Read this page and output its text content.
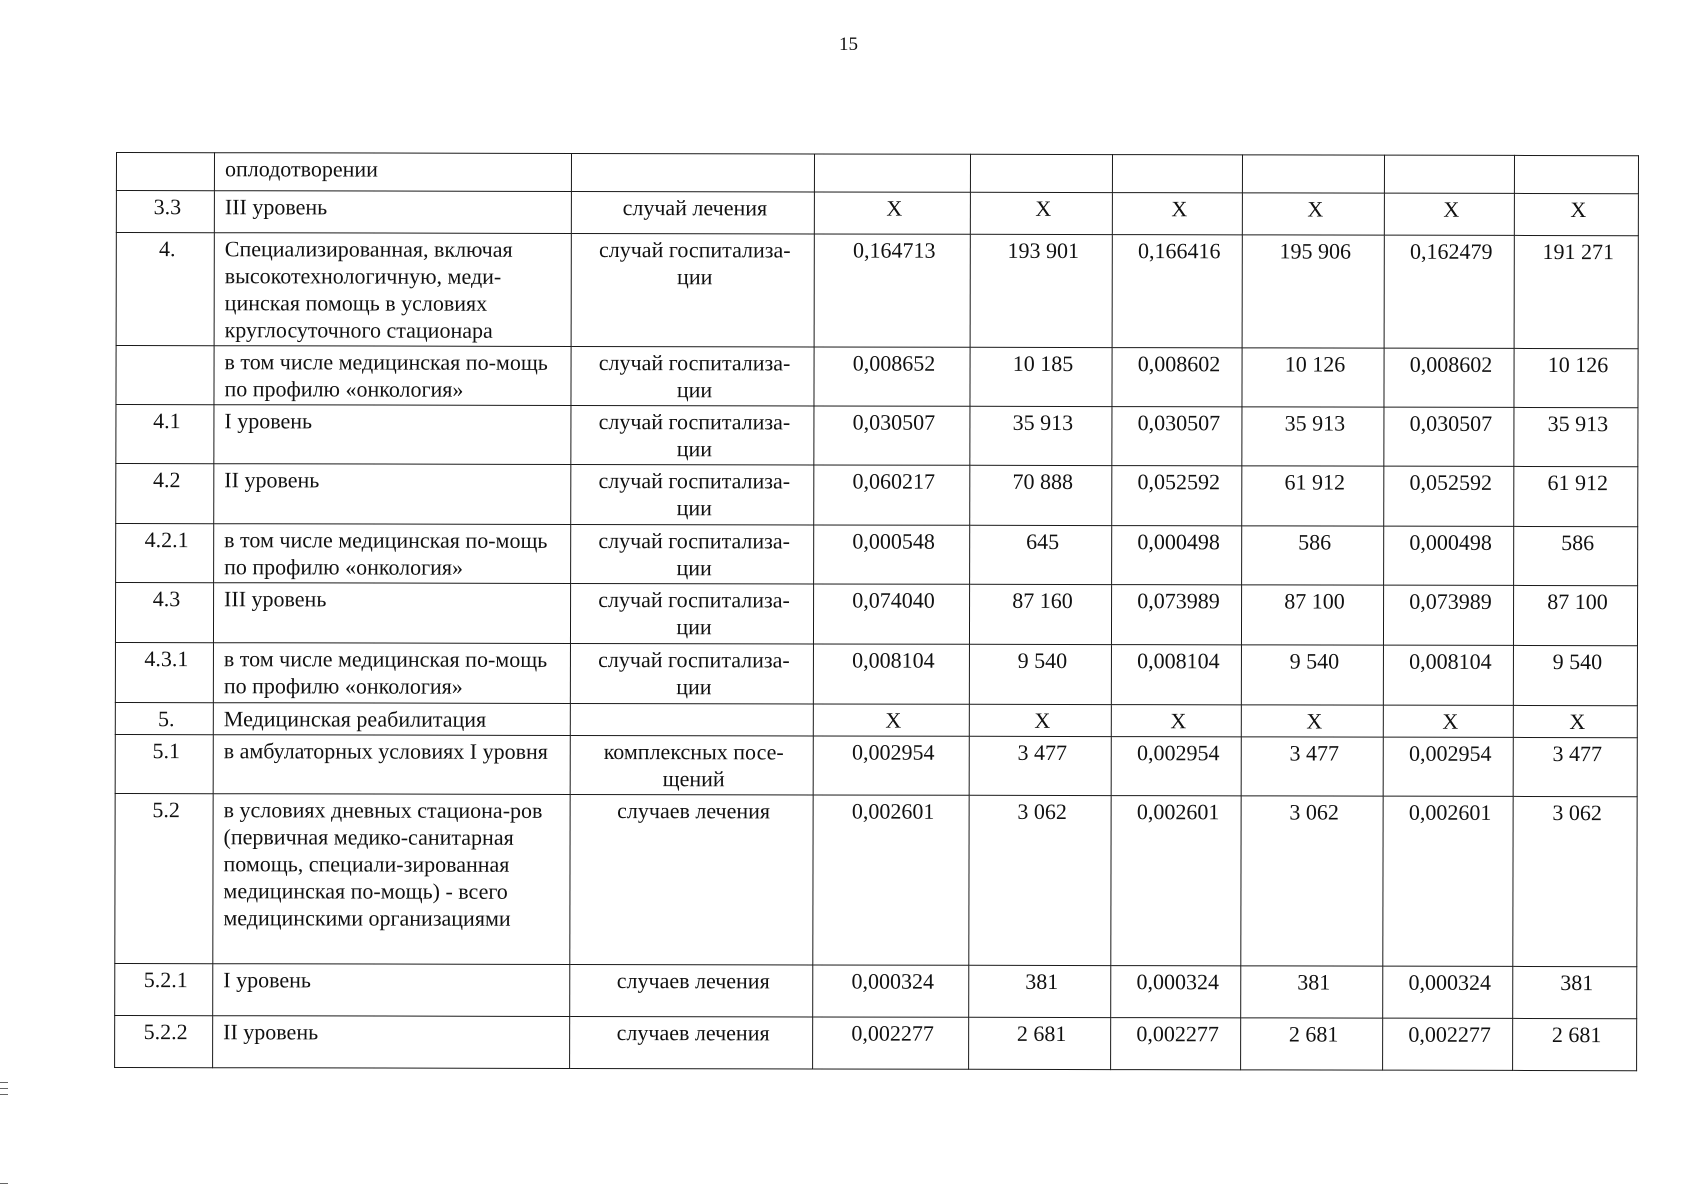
15
	оплодотворении							
3.3	III уровень	случай лечения	X	X	X	X	X	X
4.	Специализированная, включая высокотехнологичную, меди-цинская помощь в условиях круглосуточного стационара	случай госпитализа-ции	0,164713	193 901	0,166416	195 906	0,162479	191 271
	в том числе медицинская по-мощь по профилю «онкология»	случай госпитализа-ции	0,008652	10 185	0,008602	10 126	0,008602	10 126
4.1	I уровень	случай госпитализа-ции	0,030507	35 913	0,030507	35 913	0,030507	35 913
4.2	II уровень	случай госпитализа-ции	0,060217	70 888	0,052592	61 912	0,052592	61 912
4.2.1	в том числе медицинская по-мощь по профилю «онкология»	случай госпитализа-ции	0,000548	645	0,000498	586	0,000498	586
4.3	III уровень	случай госпитализа-ции	0,074040	87 160	0,073989	87 100	0,073989	87 100
4.3.1	в том числе медицинская по-мощь по профилю «онкология»	случай госпитализа-ции	0,008104	9 540	0,008104	9 540	0,008104	9 540
5.	Медицинская реабилитация		X	X	X	X	X	X
5.1	в амбулаторных условиях I уровня	комплексных посе-щений	0,002954	3 477	0,002954	3 477	0,002954	3 477
5.2	в условиях дневных стациона-ров (первичная медико-санитарная помощь, специали-зированная медицинская по-мощь) - всего медицинскими организациями	случаев лечения	0,002601	3 062	0,002601	3 062	0,002601	3 062
5.2.1	I уровень	случаев лечения	0,000324	381	0,000324	381	0,000324	381
5.2.2	II уровень	случаев лечения	0,002277	2 681	0,002277	2 681	0,002277	2 681
